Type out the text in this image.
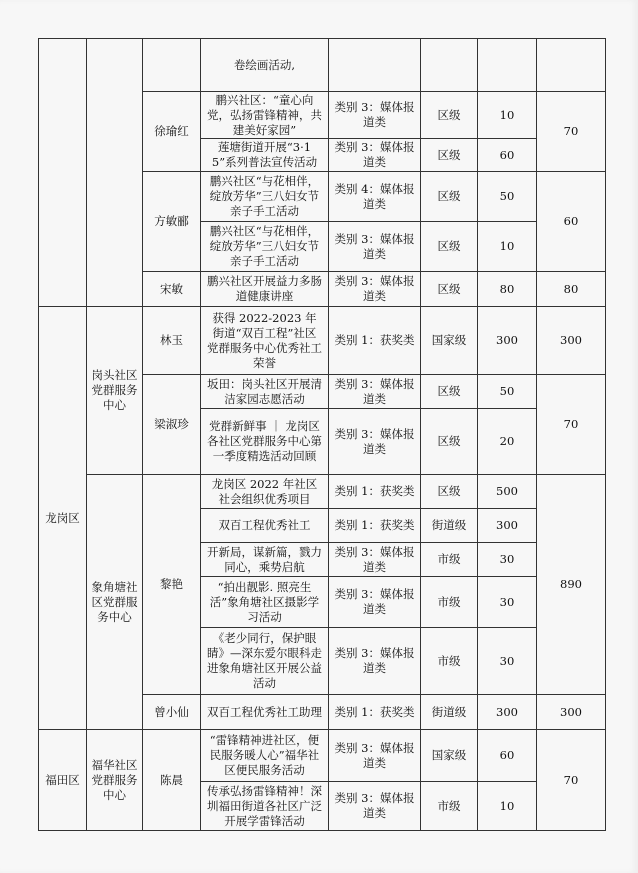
			卷绘画活动,				
		徐瑜红	鹏兴社区：“童心向党，弘扬雷锋精神，共建美好家园”	类别 3：媒体报道类	区级	10	70
			莲塘街道开展“3·15”系列普法宣传活动	类别 3：媒体报道类	区级	60	
		方敏郦	鹏兴社区“与花相伴，绽放芳华”三八妇女节亲子手工活动	类别 4：媒体报道类	区级	50	60
			鹏兴社区“与花相伴，绽放芳华”三八妇女节亲子手工活动	类别 3：媒体报道类	区级	10	
		宋敏	鹏兴社区开展益力多肠道健康讲座	类别 3：媒体报道类	区级	80	80
龙岗区	岗头社区党群服务中心	林玉	获得 2022-2023 年街道“双百工程”社区党群服务中心优秀社工荣誉	类别 1：获奖类	国家级	300	300
		梁淑珍	坂田：岗头社区开展清洁家园志愿活动	类别 3：媒体报道类	区级	50	70
			党群新鲜事 ｜ 龙岗区各社区党群服务中心第一季度精选活动回顾	类别 3：媒体报道类	区级	20	
	象角塘社区党群服务中心	黎艳	龙岗区 2022 年社区社会组织优秀项目	类别 1：获奖类	区级	500	890
			双百工程优秀社工	类别 1：获奖类	街道级	300	
			开新局，谋新篇，戮力同心，乘势启航	类别 3：媒体报道类	市级	30	
			“拍出靓影. 照亮生活”象角塘社区摄影学习活动	类别 3：媒体报道类	市级	30	
			《老少同行，保护眼睛》—深东爱尔眼科走进象角塘社区开展公益活动	类别 3：媒体报道类	市级	30	
		曾小仙	双百工程优秀社工助理	类别 1：获奖类	街道级	300	300
福田区	福华社区党群服务中心	陈晨	“雷锋精神进社区，便民服务暖人心”福华社区便民服务活动	类别 3：媒体报道类	国家级	60	70
			传承弘扬雷锋精神！深圳福田街道各社区广泛开展学雷锋活动	类别 3：媒体报道类	市级	10	
